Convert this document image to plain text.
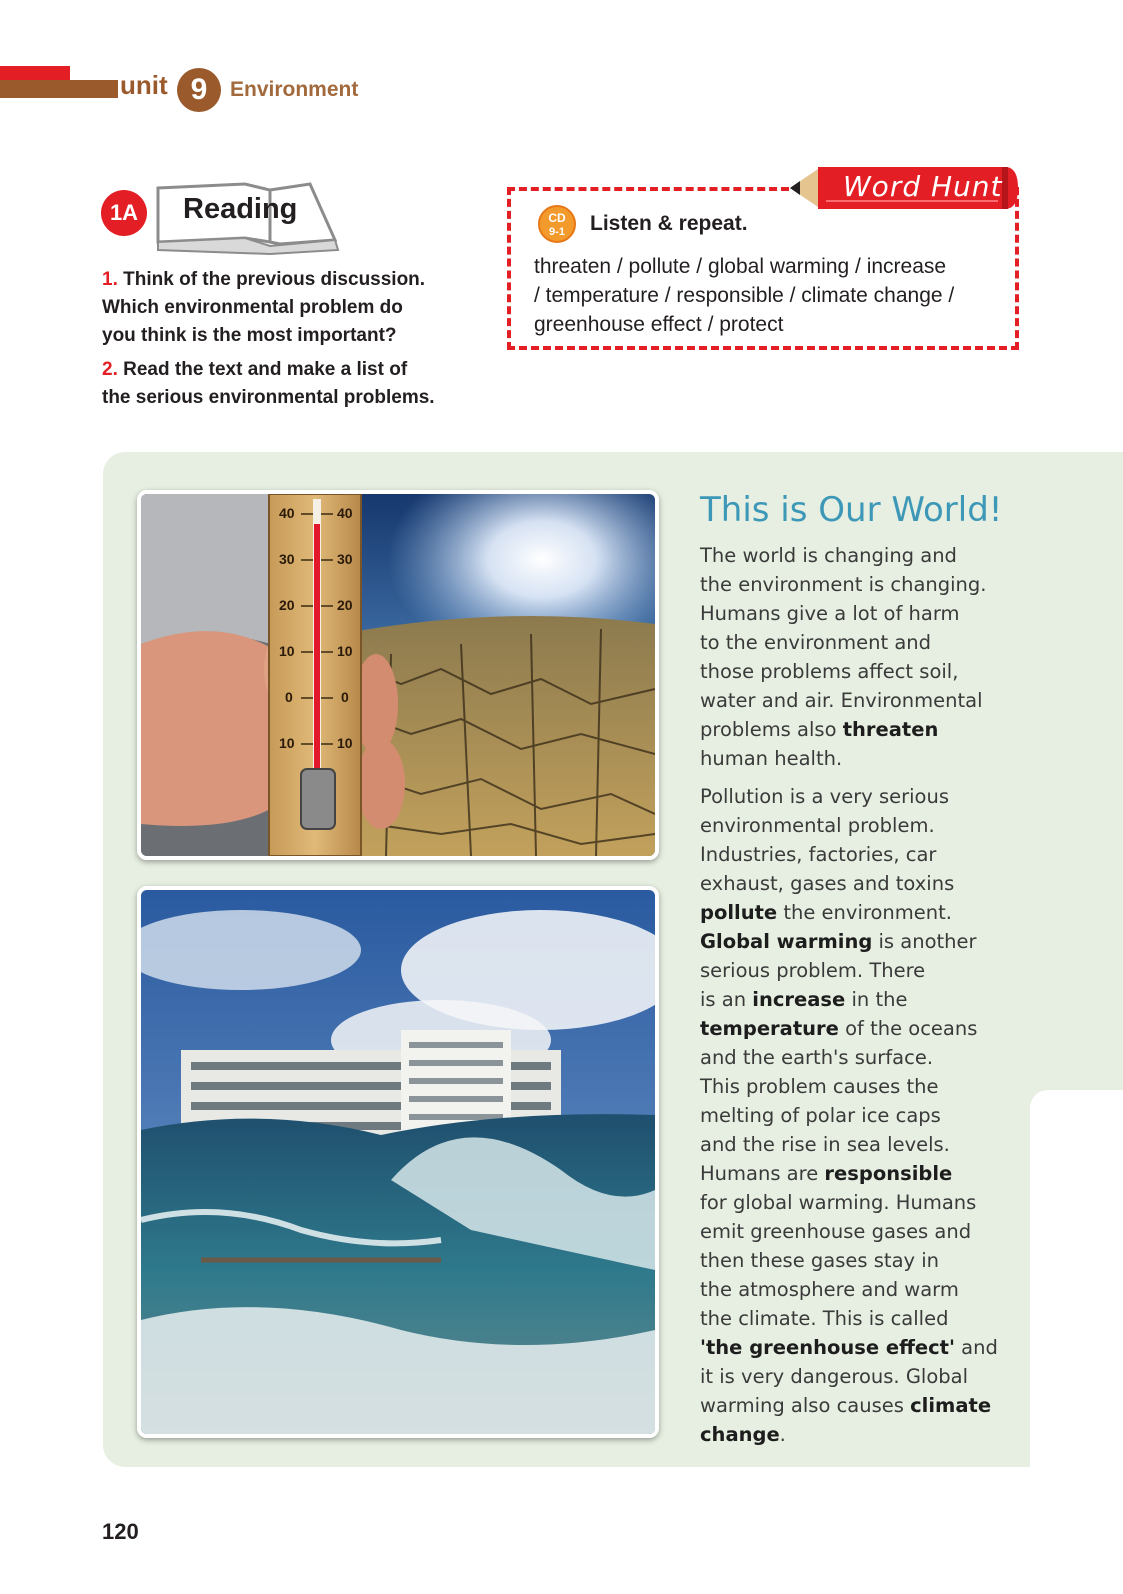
unit 9	Environment
1A	Reading
1. Think of the previous discussion.
Which environmental problem do
you think is the most important?
2. Read the text and make a list of
the serious environmental problems.
Word Hunt
CD
9-1	Listen & repeat.
threaten / pollute / global warming / increase
/ temperature / responsible / climate change /
greenhouse effect / protect
40	40
30	30
20	20
10	10
0	0
10	10
This is Our World!
The world is changing and
the environment is changing.
Humans give a lot of harm
to the environment and
those problems affect soil,
water and air. Environmental
problems also threaten
human health.
Pollution is a very serious
environmental problem.
Industries, factories, car
exhaust, gases and toxins
pollute the environment.
Global warming is another
serious problem. There
is an increase in the
temperature of the oceans
and the earth's surface.
This problem causes the
melting of polar ice caps
and the rise in sea levels.
Humans are responsible
for global warming. Humans
emit greenhouse gases and
then these gases stay in
the atmosphere and warm
the climate. This is called
'the greenhouse effect' and
it is very dangerous. Global
warming also causes climate
change.
120
